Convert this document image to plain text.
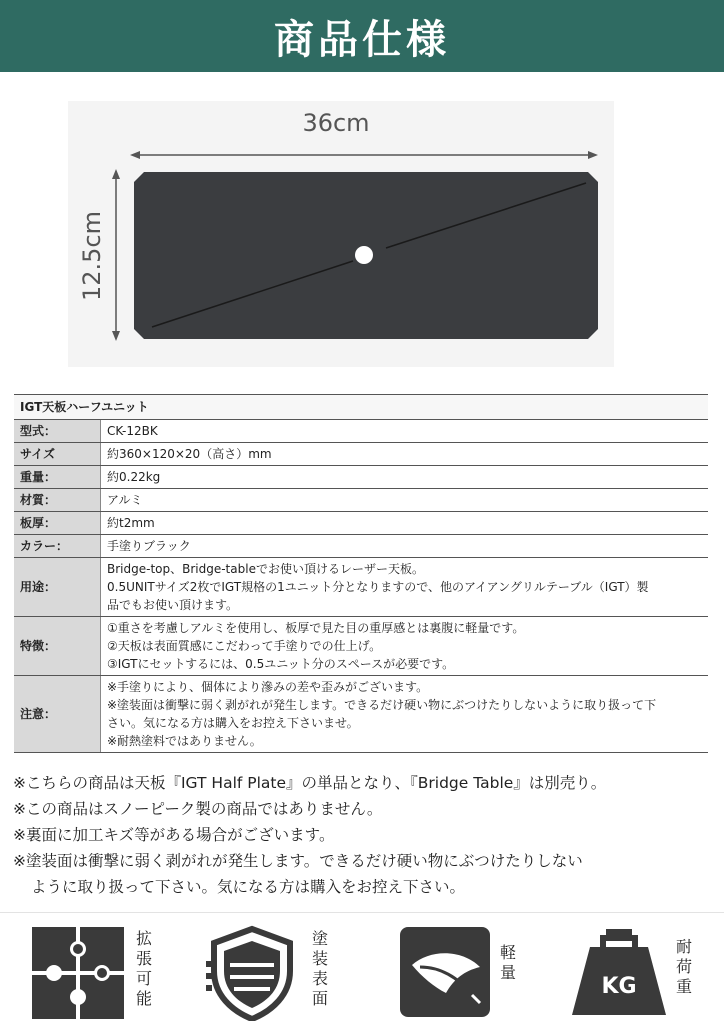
商品仕様
36cm
12.5cm
IGT天板ハーフユニット	
型式：	CK-12BK

サイズ	約360×120×20（高さ）mm

重量：	約0.22kg

材質：	アルミ

板厚：	約t2mm

カラー：	手塗りブラック

用途：	Bridge-top、Bridge-tableでお使い頂けるレーザー天板。
0.5UNITサイズ2枚でIGT規格の1ユニット分となりますので、他のアイアングリルテーブル（IGT）製
品でもお使い頂けます。

特徴：	①重さを考慮しアルミを使用し、板厚で見た目の重厚感とは裏腹に軽量です。
②天板は表面質感にこだわって手塗りでの仕上げ。
③IGTにセットするには、0.5ユニット分のスペースが必要です。

注意：	※手塗りにより、個体により滲みの差や歪みがございます。
※塗装面は衝撃に弱く剥がれが発生します。できるだけ硬い物にぶつけたりしないように取り扱って下
さい。気になる方は購入をお控え下さいませ。
※耐熱塗料ではありません。
※こちらの商品は天板『IGT Half Plate』の単品となり、『Bridge Table』は別売り。
※この商品はスノーピーク製の商品ではありません。
※裏面に加工キズ等がある場合がございます。
※塗装面は衝撃に弱く剥がれが発生します。できるだけ硬い物にぶつけたりしない
ように取り扱って下さい。気になる方は購入をお控え下さい。
拡
張
可
能
塗
装
表
面
軽
量
KG
耐
荷
重
